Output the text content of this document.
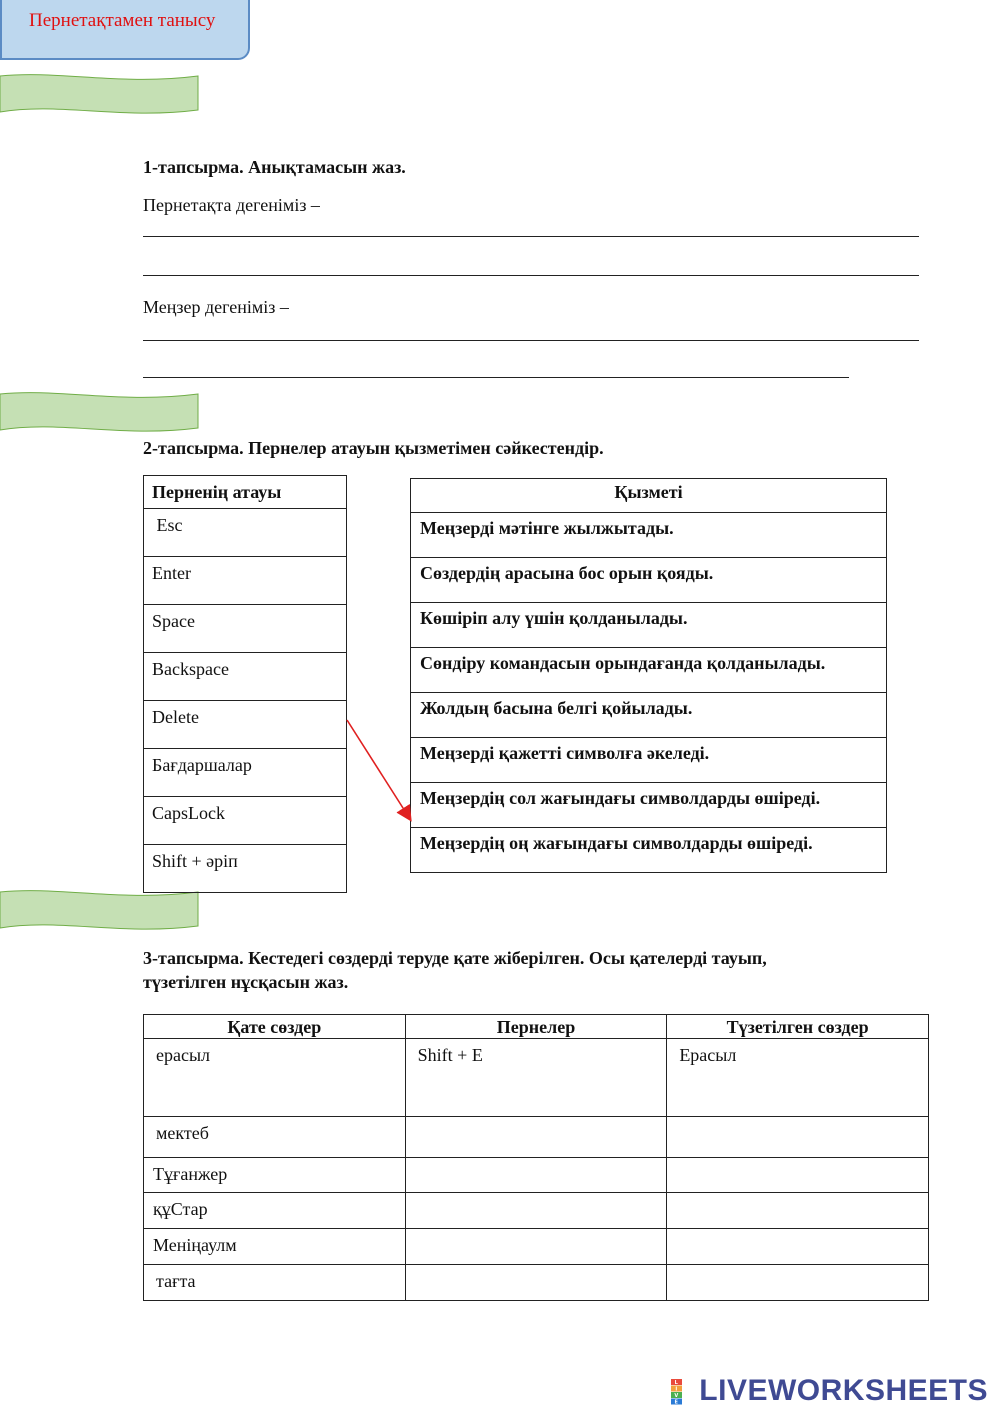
Пернетақтамен танысу
1-тапсырма. Анықтамасын жаз.
Пернетақта дегеніміз –
Меңзер дегеніміз –
2-тапсырма. Пернелер атауын қызметімен сәйкестендір.
Перненің атауы
Esc
Enter
Space
Backspace
Delete
Бағдаршалар
CapsLock
Shift + әріп
Қызметі
Меңзерді мәтінге жылжытады.
Сөздердің арасына бос орын қояды.
Көшіріп алу үшін қолданылады.
Сөндіру командасын орындағанда қолданылады.
Жолдың басына белгі қойылады.
Меңзерді қажетті символға әкеледі.
Меңзердің сол жағындағы символдарды өшіреді.
Меңзердің оң жағындағы символдарды өшіреді.
3-тапсырма. Кестедегі сөздерді теруде қате жіберілген. Осы қателерді тауып,
түзетілген нұсқасын жаз.
Қате сөздер	Пернелер	Түзетілген сөздер
ерасыл	Shift + Е	Ерасыл
мектеб		
Тұғанжер		
құСтар		
Меніңаулм		
тағта		
L
I
V
E LIVEWORKSHEETS
